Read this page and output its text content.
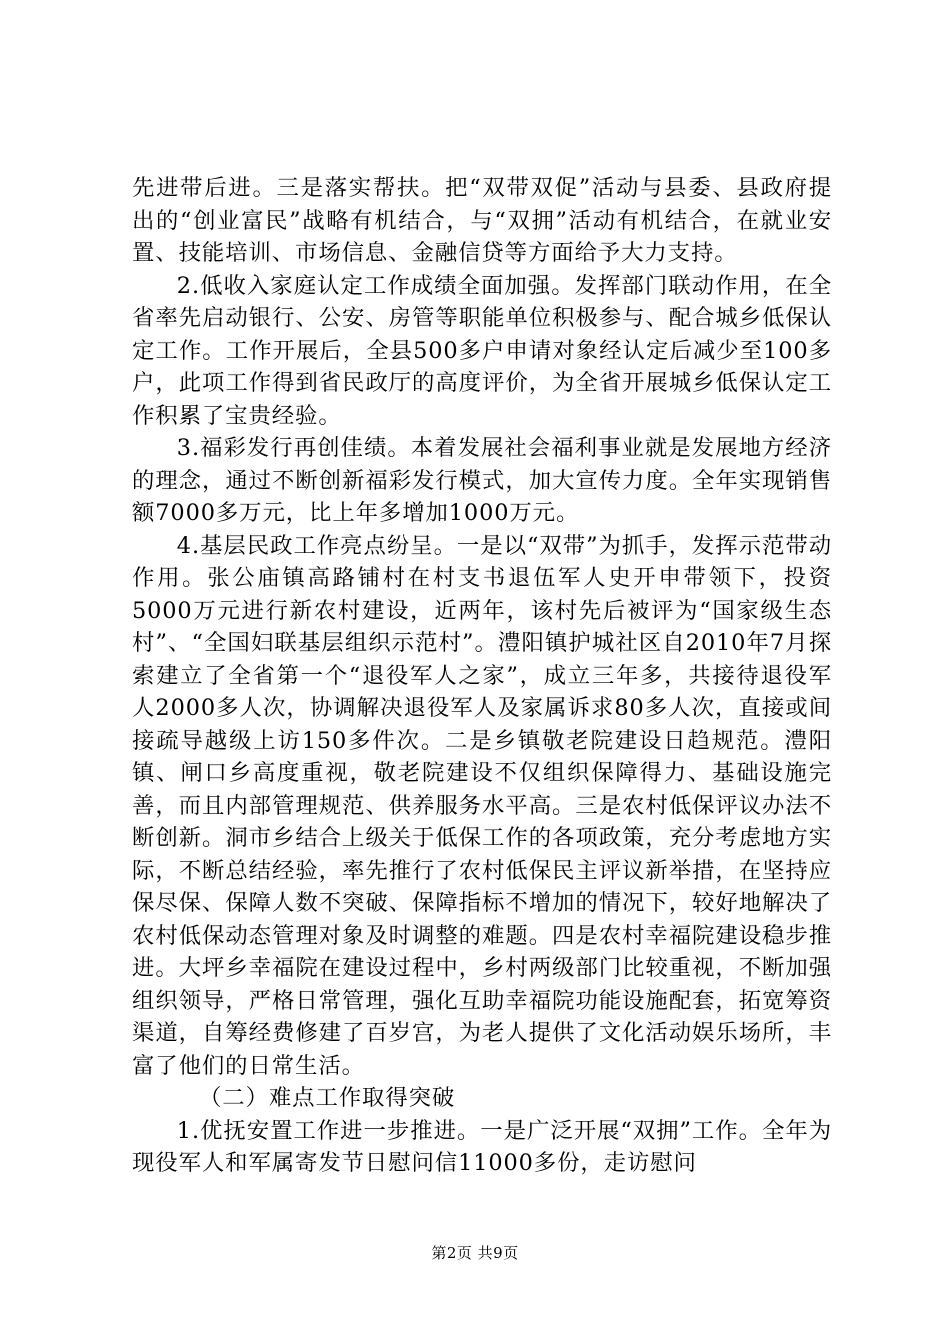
先进带后进。三是落实帮扶。把“双带双促”活动与县委、县政府提出的“创业富民”战略有机结合，与“双拥”活动有机结合，在就业安置、技能培训、市场信息、金融信贷等方面给予大力支持。

2.低收入家庭认定工作成绩全面加强。发挥部门联动作用，在全省率先启动银行、公安、房管等职能单位积极参与、配合城乡低保认定工作。工作开展后，全县500多户申请对象经认定后减少至100多户，此项工作得到省民政厅的高度评价，为全省开展城乡低保认定工作积累了宝贵经验。

3.福彩发行再创佳绩。本着发展社会福利事业就是发展地方经济的理念，通过不断创新福彩发行模式，加大宣传力度。全年实现销售额7000多万元，比上年多增加1000万元。

4.基层民政工作亮点纷呈。一是以“双带”为抓手，发挥示范带动作用。张公庙镇高路铺村在村支书退伍军人史开申带领下，投资5000万元进行新农村建设，近两年，该村先后被评为“国家级生态村”、“全国妇联基层组织示范村”。澧阳镇护城社区自2010年7月探索建立了全省第一个“退役军人之家”，成立三年多，共接待退役军人2000多人次，协调解决退役军人及家属诉求80多人次，直接或间接疏导越级上访150多件次。二是乡镇敬老院建设日趋规范。澧阳镇、闸口乡高度重视，敬老院建设不仅组织保障得力、基础设施完善，而且内部管理规范、供养服务水平高。三是农村低保评议办法不断创新。洞市乡结合上级关于低保工作的各项政策，充分考虑地方实际，不断总结经验，率先推行了农村低保民主评议新举措，在坚持应保尽保、保障人数不突破、保障指标不增加的情况下，较好地解决了农村低保动态管理对象及时调整的难题。四是农村幸福院建设稳步推进。大坪乡幸福院在建设过程中，乡村两级部门比较重视，不断加强组织领导，严格日常管理，强化互助幸福院功能设施配套，拓宽筹资渠道，自筹经费修建了百岁宫，为老人提供了文化活动娱乐场所，丰富了他们的日常生活。

（二）难点工作取得突破

1.优抚安置工作进一步推进。一是广泛开展“双拥”工作。全年为现役军人和军属寄发节日慰问信11000多份，走访慰问

第2页 共9页
